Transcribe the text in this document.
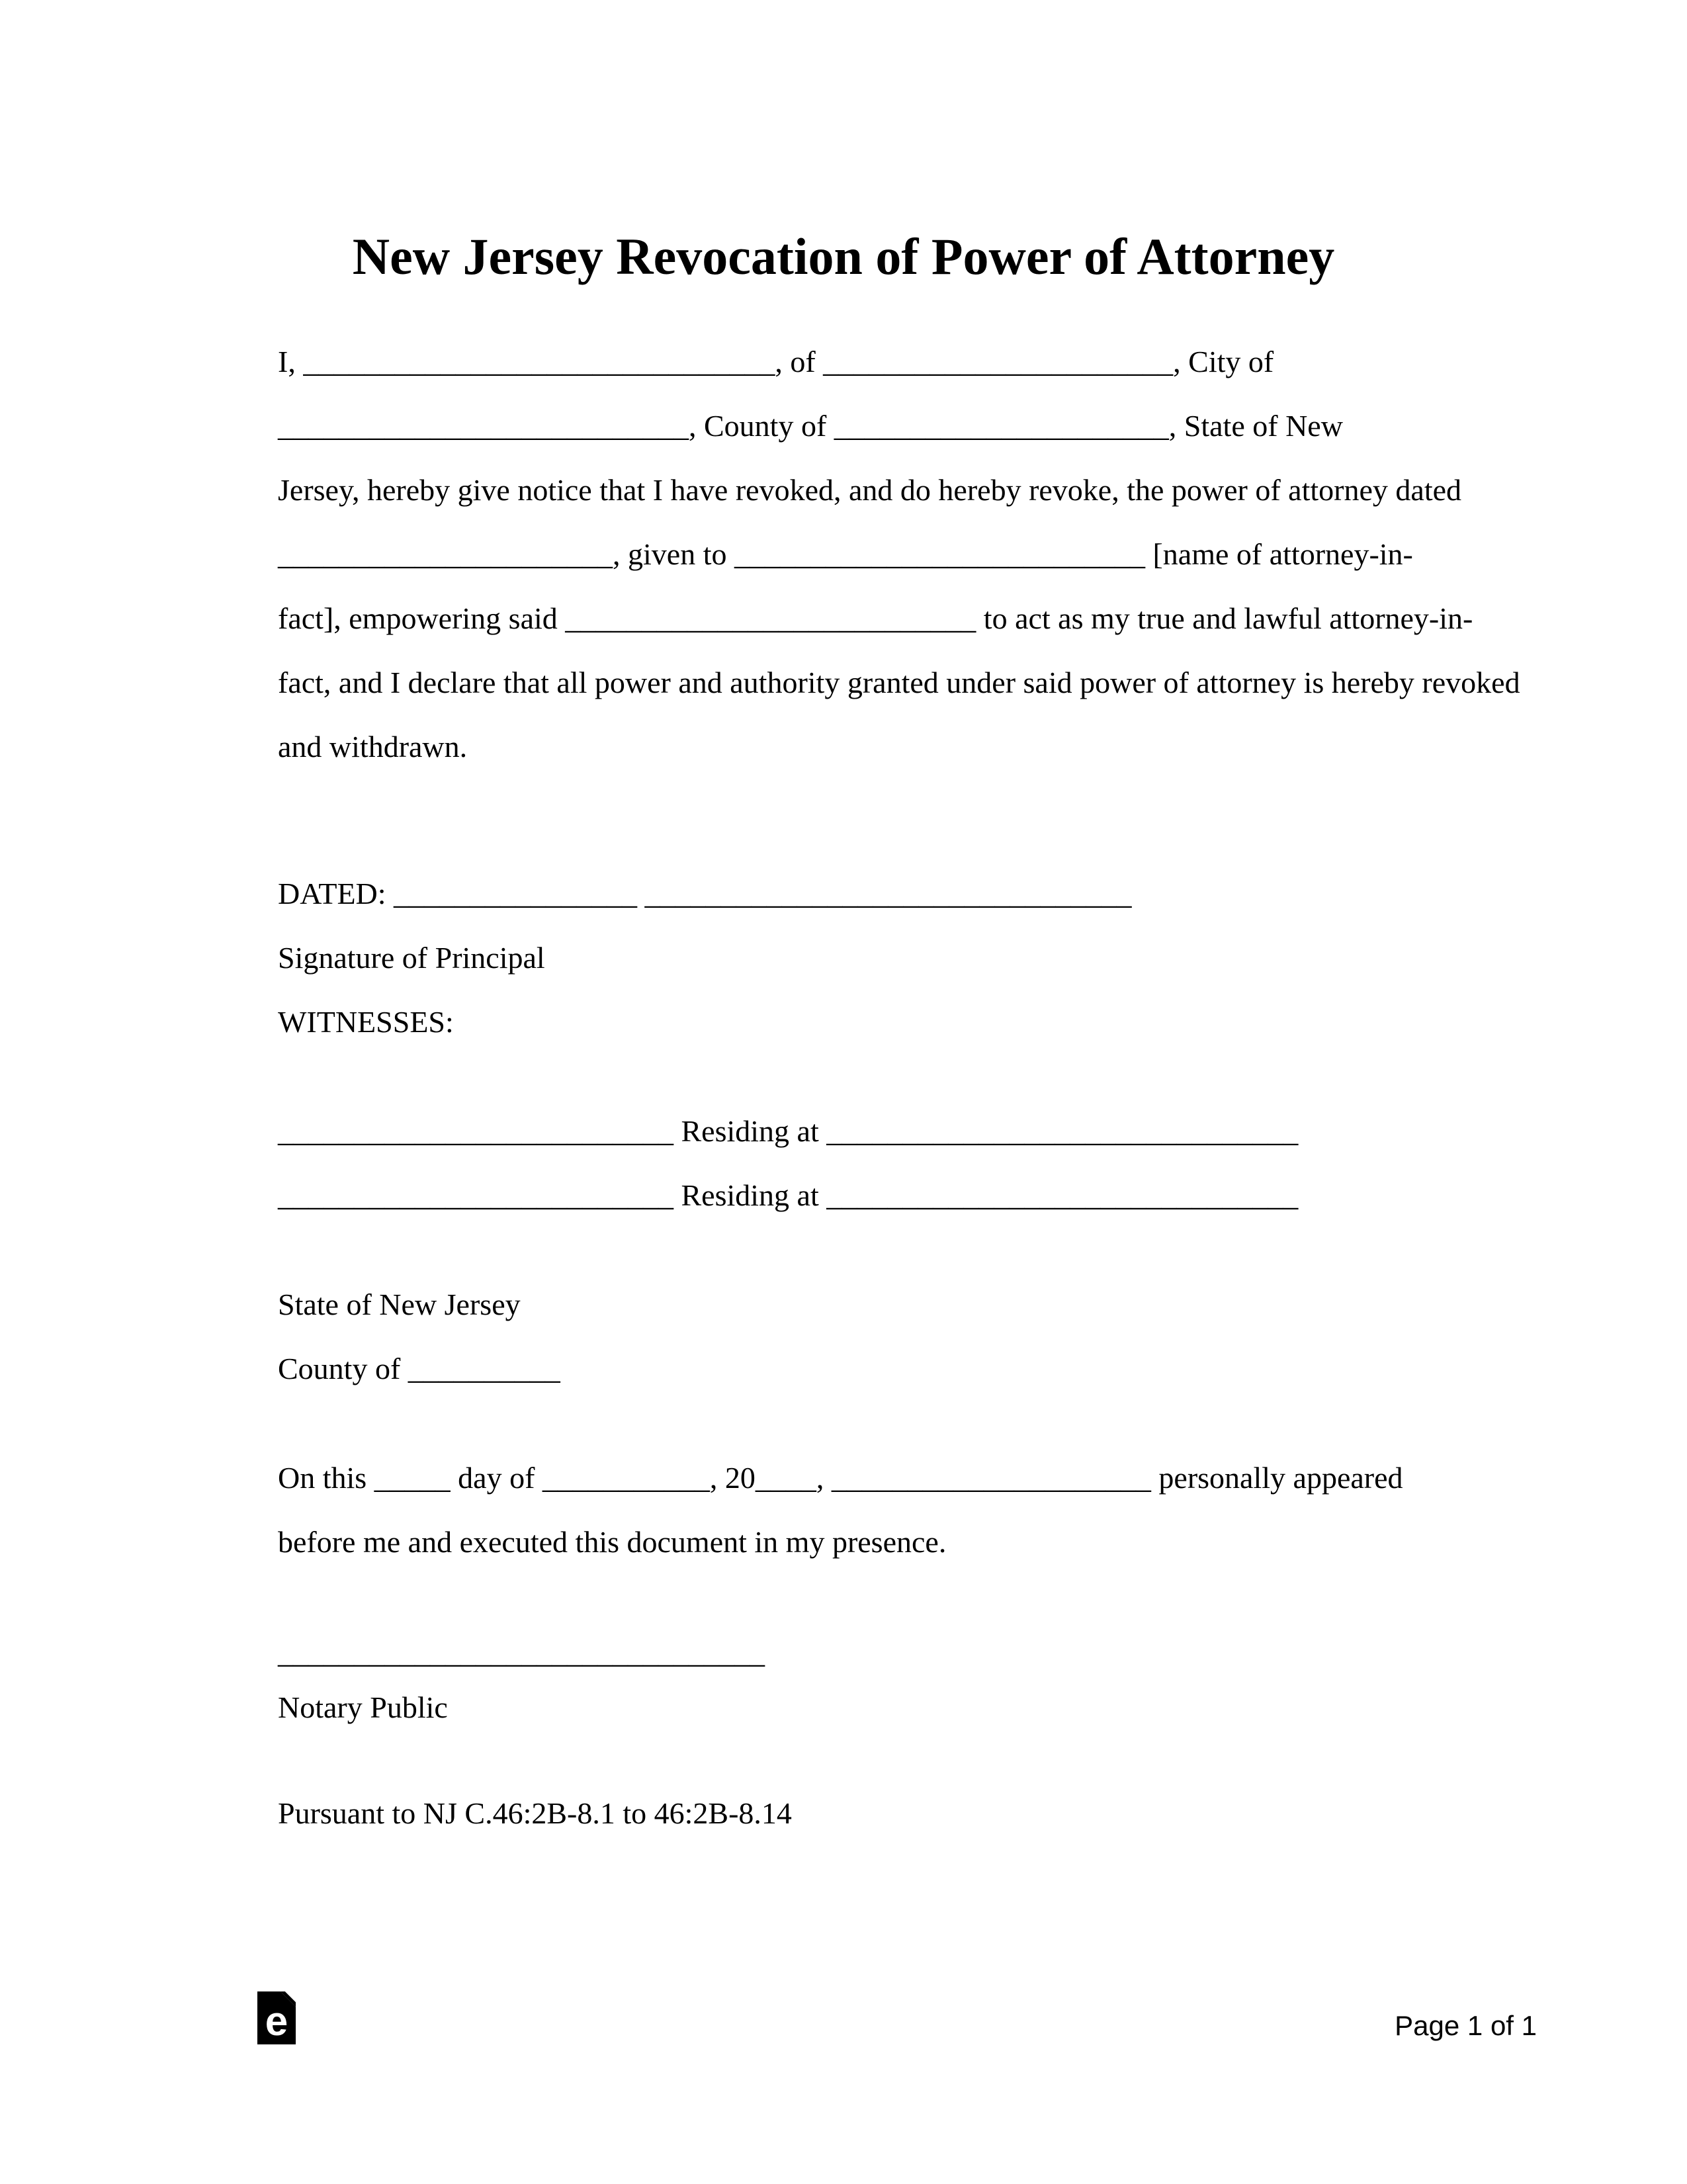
New Jersey Revocation of Power of Attorney
I, _______________________________, of _______________________, City of
___________________________, County of ______________________, State of New
Jersey, hereby give notice that I have revoked, and do hereby revoke, the power of attorney dated
______________________, given to ___________________________ [name of attorney-in-
fact], empowering said ___________________________ to act as my true and lawful attorney-in-
fact, and I declare that all power and authority granted under said power of attorney is hereby revoked
and withdrawn.
DATED: ________________ ________________________________
Signature of Principal
WITNESSES:
__________________________ Residing at _______________________________
__________________________ Residing at _______________________________
State of New Jersey
County of __________
On this _____ day of ___________, 20____, _____________________ personally appeared
before me and executed this document in my presence.
________________________________
Notary Public
Pursuant to NJ C.46:2B-8.1 to 46:2B-8.14
e	Page 1 of 1
